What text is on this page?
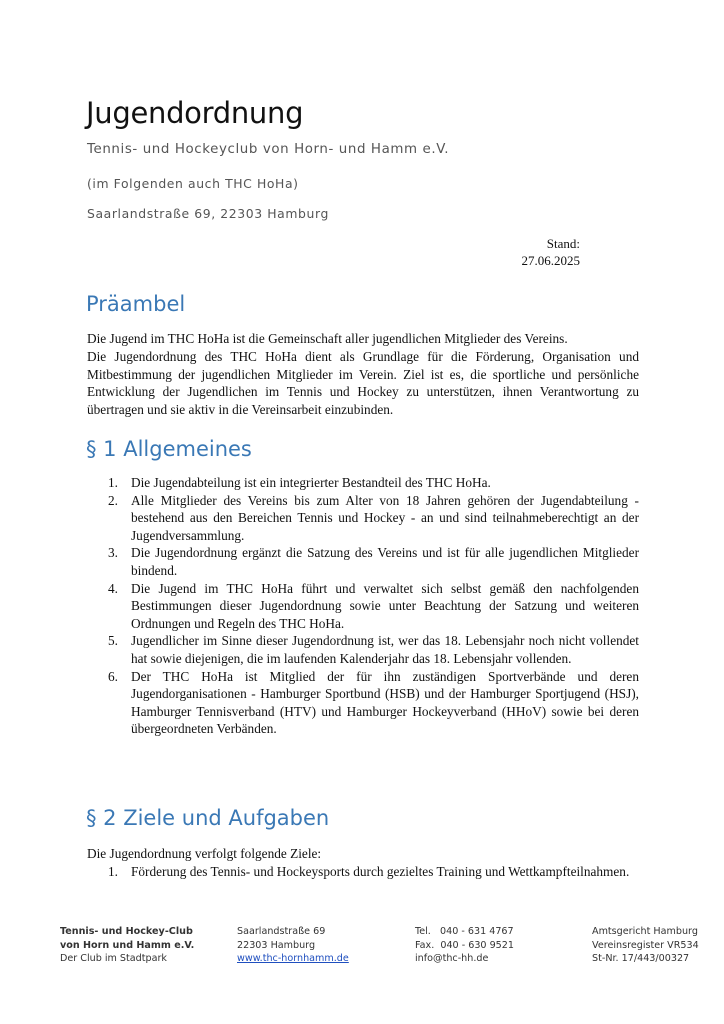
Jugendordnung

Tennis- und Hockeyclub von Horn- und Hamm e.V.

(im Folgenden auch THC HoHa)

Saarlandstraße 69, 22303 Hamburg

Stand:
27.06.2025
Präambel

Die Jugend im THC HoHa ist die Gemeinschaft aller jugendlichen Mitglieder des Vereins.

Die Jugendordnung des THC HoHa dient als Grundlage für die Förderung, Organisation und Mitbestimmung der jugendlichen Mitglieder im Verein. Ziel ist es, die sportliche und persönliche Entwicklung der Jugendlichen im Tennis und Hockey zu unterstützen, ihnen Verantwortung zu übertragen und sie aktiv in die Vereinsarbeit einzubinden.

§ 1 Allgemeines
1. Die Jugendabteilung ist ein integrierter Bestandteil des THC HoHa.
2. Alle Mitglieder des Vereins bis zum Alter von 18 Jahren gehören der Jugendabteilung - bestehend aus den Bereichen Tennis und Hockey - an und sind teilnahmeberechtigt an der Jugendversammlung.
3. Die Jugendordnung ergänzt die Satzung des Vereins und ist für alle jugendlichen Mitglieder bindend.
4. Die Jugend im THC HoHa führt und verwaltet sich selbst gemäß den nachfolgenden Bestimmungen dieser Jugendordnung sowie unter Beachtung der Satzung und weiteren Ordnungen und Regeln des THC HoHa.
5. Jugendlicher im Sinne dieser Jugendordnung ist, wer das 18. Lebensjahr noch nicht vollendet hat sowie diejenigen, die im laufenden Kalenderjahr das 18. Lebensjahr vollenden.
6. Der THC HoHa ist Mitglied der für ihn zuständigen Sportverbände und deren Jugendorganisationen - Hamburger Sportbund (HSB) und der Hamburger Sportjugend (HSJ), Hamburger Tennisverband (HTV) und Hamburger Hockeyverband (HHoV) sowie bei deren übergeordneten Verbänden.
§ 2 Ziele und Aufgaben

Die Jugendordnung verfolgt folgende Ziele:

1. Förderung des Tennis- und Hockeysports durch gezieltes Training und Wettkampfteilnahmen.
Tennis- und Hockey-Club
von Horn und Hamm e.V.
Der Club im Stadtpark
Saarlandstraße 69
22303 Hamburg
www.thc-hornhamm.de
Tel.   040 - 631 4767
Fax.  040 - 630 9521
info@thc-hh.de
Amtsgericht Hamburg
Vereinsregister VR534
St-Nr. 17/443/00327
